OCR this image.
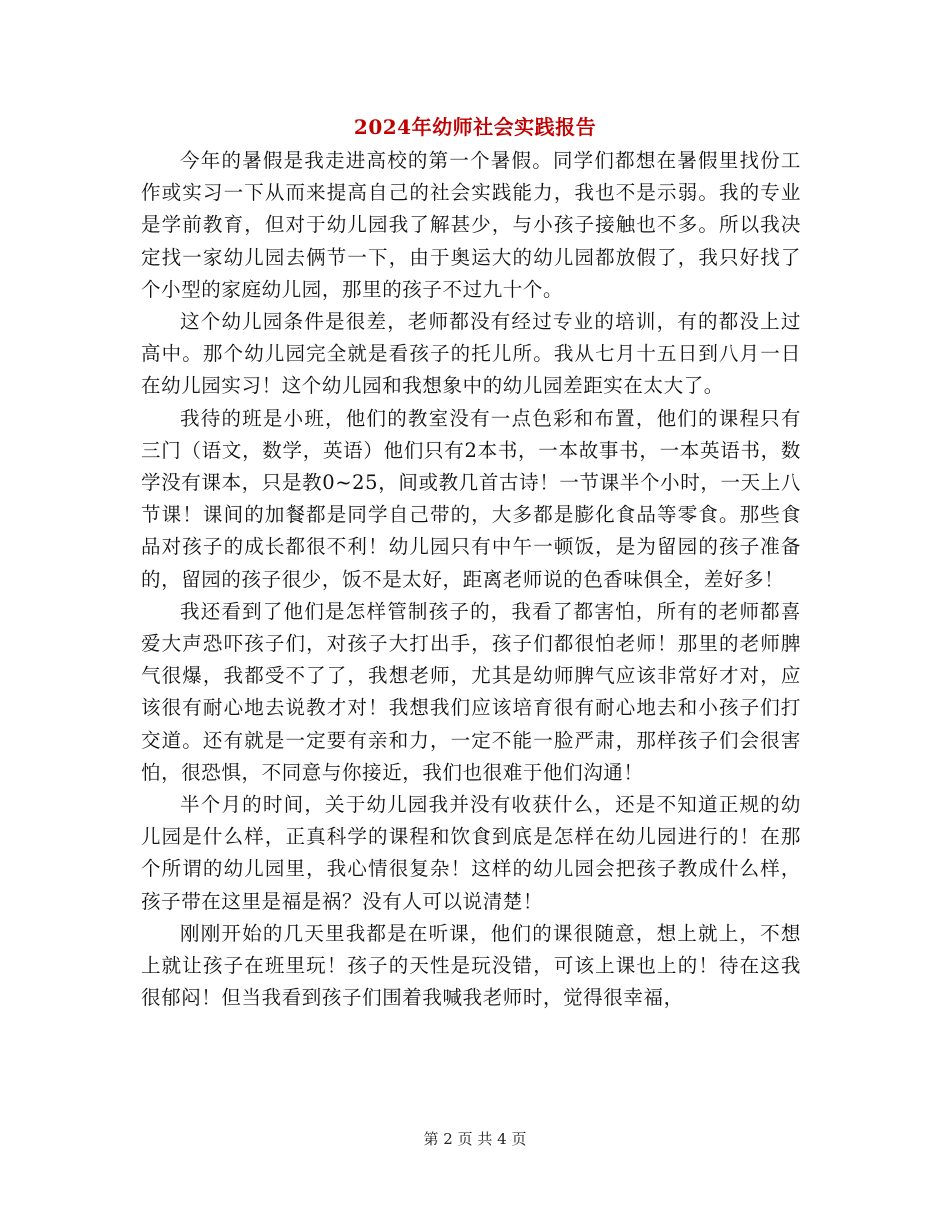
2024年幼师社会实践报告

今年的暑假是我走进高校的第一个暑假。同学们都想在暑假里找份工作或实习一下从而来提高自己的社会实践能力，我也不是示弱。我的专业是学前教育，但对于幼儿园我了解甚少，与小孩子接触也不多。所以我决定找一家幼儿园去俩节一下，由于奥运大的幼儿园都放假了，我只好找了个小型的家庭幼儿园，那里的孩子不过九十个。

这个幼儿园条件是很差，老师都没有经过专业的培训，有的都没上过高中。那个幼儿园完全就是看孩子的托儿所。我从七月十五日到八月一日在幼儿园实习！这个幼儿园和我想象中的幼儿园差距实在太大了。

我待的班是小班，他们的教室没有一点色彩和布置，他们的课程只有三门（语文，数学，英语）他们只有2本书，一本故事书，一本英语书，数学没有课本，只是教0~25，间或教几首古诗！一节课半个小时，一天上八节课！课间的加餐都是同学自己带的，大多都是膨化食品等零食。那些食品对孩子的成长都很不利！幼儿园只有中午一顿饭，是为留园的孩子准备的，留园的孩子很少，饭不是太好，距离老师说的色香味俱全，差好多！

我还看到了他们是怎样管制孩子的，我看了都害怕，所有的老师都喜爱大声恐吓孩子们，对孩子大打出手，孩子们都很怕老师！那里的老师脾气很爆，我都受不了了，我想老师，尤其是幼师脾气应该非常好才对，应该很有耐心地去说教才对！我想我们应该培育很有耐心地去和小孩子们打交道。还有就是一定要有亲和力，一定不能一脸严肃，那样孩子们会很害怕，很恐惧，不同意与你接近，我们也很难于他们沟通！

半个月的时间，关于幼儿园我并没有收获什么，还是不知道正规的幼儿园是什么样，正真科学的课程和饮食到底是怎样在幼儿园进行的！在那个所谓的幼儿园里，我心情很复杂！这样的幼儿园会把孩子教成什么样，孩子带在这里是福是祸？没有人可以说清楚！

刚刚开始的几天里我都是在听课，他们的课很随意，想上就上，不想上就让孩子在班里玩！孩子的天性是玩没错，可该上课也上的！待在这我很郁闷！但当我看到孩子们围着我喊我老师时，觉得很幸福，

第 2 页 共 4 页
